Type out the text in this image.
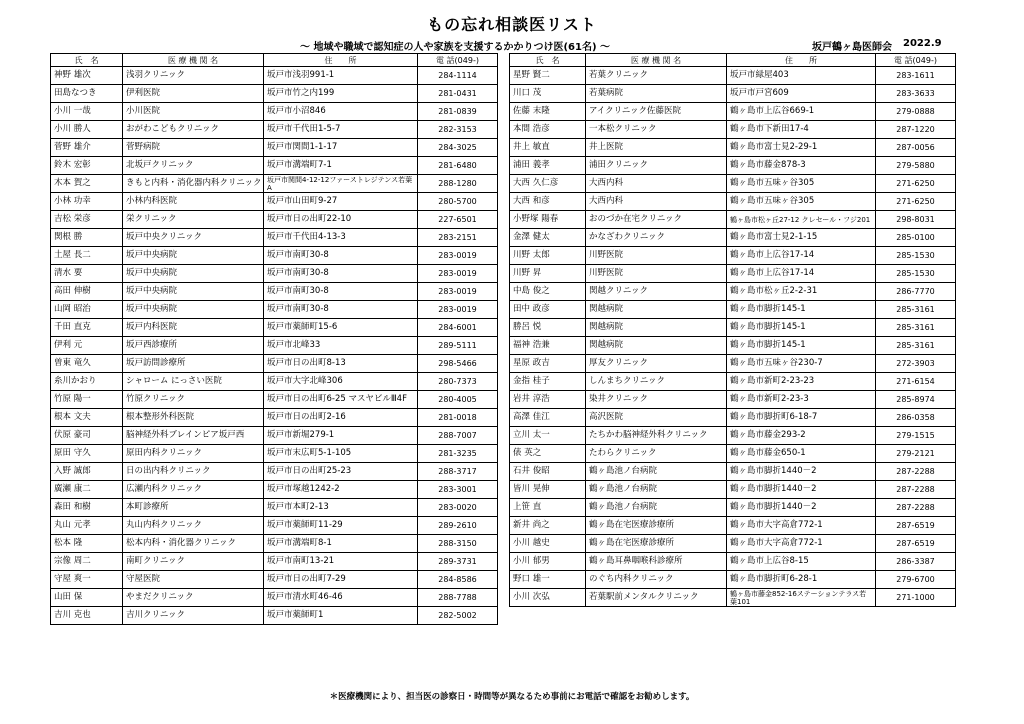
もの忘れ相談医リスト
～ 地域や職域で認知症の人や家族を支援するかかりつけ医(61名) ～	坂戸鶴ヶ島医師会 2022.9
氏　名	医 療 機 関 名	住　　所	電 話(049-)
神野 雄次	浅羽クリニック	坂戸市浅羽991-1	284-1114
田島なつき	伊利医院	坂戸市竹之内199	281-0431
小川 一哉	小川医院	坂戸市小沼846	281-0839
小川 勝人	おがわこどもクリニック	坂戸市千代田1-5-7	282-3153
菅野 雄介	菅野病院	坂戸市関間1-1-17	284-3025
鈴木 宏彰	北坂戸クリニック	坂戸市溝端町7-1	281-6480
木本 賀之	きもと内科・消化器内科クリニック	坂戸市関間4-12-12ファーストレジテンス若葉A	288-1280
小林 功幸	小林内科医院	坂戸市山田町9-27	280-5700
吉松 栄彦	栄クリニック	坂戸市日の出町22-10	227-6501
関根 勝	坂戸中央クリニック	坂戸市千代田4-13-3	283-2151
土屋 長二	坂戸中央病院	坂戸市南町30-8	283-0019
清水 要	坂戸中央病院	坂戸市南町30-8	283-0019
高田 伸樹	坂戸中央病院	坂戸市南町30-8	283-0019
山岡 昭治	坂戸中央病院	坂戸市南町30-8	283-0019
千田 直克	坂戸内科医院	坂戸市薬師町15-6	284-6001
伊利 元	坂戸西診療所	坂戸市北峰33	289-5111
曽東 竜久	坂戸訪問診療所	坂戸市日の出町8-13	298-5466
糸川かおり	シャローム にっさい医院	坂戸市大字北峰306	280-7373
竹原 陽一	竹原クリニック	坂戸市日の出町6-25 マスヤビルⅢ4F	280-4005
根本 文夫	根本整形外科医院	坂戸市日の出町2-16	281-0018
伏原 豪司	脳神経外科ブレインピア坂戸西	坂戸市新堀279-1	288-7007
原田 守久	原田内科クリニック	坂戸市末広町5-1-105	281-3235
入野 誠郎	日の出内科クリニック	坂戸市日の出町25-23	288-3717
廣瀬 康二	広瀬内科クリニック	坂戸市塚越1242-2	283-3001
森田 和樹	本町診療所	坂戸市本町2-13	283-0020
丸山 元孝	丸山内科クリニック	坂戸市薬師町11-29	289-2610
松本 隆	松本内科・消化器クリニック	坂戸市溝端町8-1	288-3150
宗像 周二	南町クリニック	坂戸市南町13-21	289-3731
守屋 爽一	守屋医院	坂戸市日の出町7-29	284-8586
山田 保	やまだクリニック	坂戸市清水町46-46	288-7788
吉川 克也	吉川クリニック	坂戸市薬師町1	282-5002
氏　名	医 療 機 関 名	住　　所	電 話(049-)
星野 賢二	若葉クリニック	坂戸市緑屋403	283-1611
川口 茂	若葉病院	坂戸市戸宮609	283-3633
佐藤 末隆	アイクリニック佐藤医院	鶴ヶ島市上広谷669-1	279-0888
本間 浩彦	一本松クリニック	鶴ヶ島市下新田17-4	287-1220
井上 敏直	井上医院	鶴ヶ島市富士見2-29-1	287-0056
浦田 義孝	浦田クリニック	鶴ヶ島市藤金878-3	279-5880
大西 久仁彦	大西内科	鶴ヶ島市五味ヶ谷305	271-6250
大西 和彦	大西内科	鶴ヶ島市五味ヶ谷305	271-6250
小野塚 陽春	おのづか在宅クリニック	鶴ヶ島市松ヶ丘27-12 クレセール・フジ201	298-8031
金澤 健太	かなざわクリニック	鶴ヶ島市富士見2-1-15	285-0100
川野 太郎	川野医院	鶴ヶ島市上広谷17-14	285-1530
川野 昇	川野医院	鶴ヶ島市上広谷17-14	285-1530
中島 俊之	関越クリニック	鶴ヶ島市松ヶ丘2-2-31	286-7770
田中 政彦	関越病院	鶴ヶ島市脚折145-1	285-3161
勝呂 悦	関越病院	鶴ヶ島市脚折145-1	285-3161
福神 浩兼	関越病院	鶴ヶ島市脚折145-1	285-3161
星原 政吉	厚友クリニック	鶴ヶ島市五味ヶ谷230-7	272-3903
金指 桂子	しんまちクリニック	鶴ヶ島市新町2-23-23	271-6154
岩井 淳浩	染井クリニック	鶴ヶ島市新町2-23-3	285-8974
高澤 佳江	高沢医院	鶴ヶ島市脚折町6-18-7	286-0358
立川 太一	たちかわ脳神経外科クリニック	鶴ヶ島市藤金293-2	279-1515
俵 英之	たわらクリニック	鶴ヶ島市藤金650-1	279-2121
石井 俊昭	鶴ヶ島池ノ台病院	鶴ヶ島市脚折1440－2	287-2288
皆川 晃伸	鶴ヶ島池ノ台病院	鶴ヶ島市脚折1440－2	287-2288
上笹 直	鶴ヶ島池ノ台病院	鶴ヶ島市脚折1440－2	287-2288
新井 尚之	鶴ヶ島在宅医療診療所	鶴ヶ島市大字高倉772-1	287-6519
小川 越史	鶴ヶ島在宅医療診療所	鶴ヶ島市大字高倉772-1	287-6519
小川 郁男	鶴ヶ島耳鼻咽喉科診療所	鶴ヶ島市上広谷8-15	286-3387
野口 雄一	のぐち内科クリニック	鶴ヶ島市脚折町6-28-1	279-6700
小川 次弘	若葉駅前メンタルクリニック	鶴ヶ島市藤金852-16ステーションテラス若葉101	271-1000
＊医療機関により、担当医の診察日・時間等が異なるため事前にお電話で確認をお勧めします。
